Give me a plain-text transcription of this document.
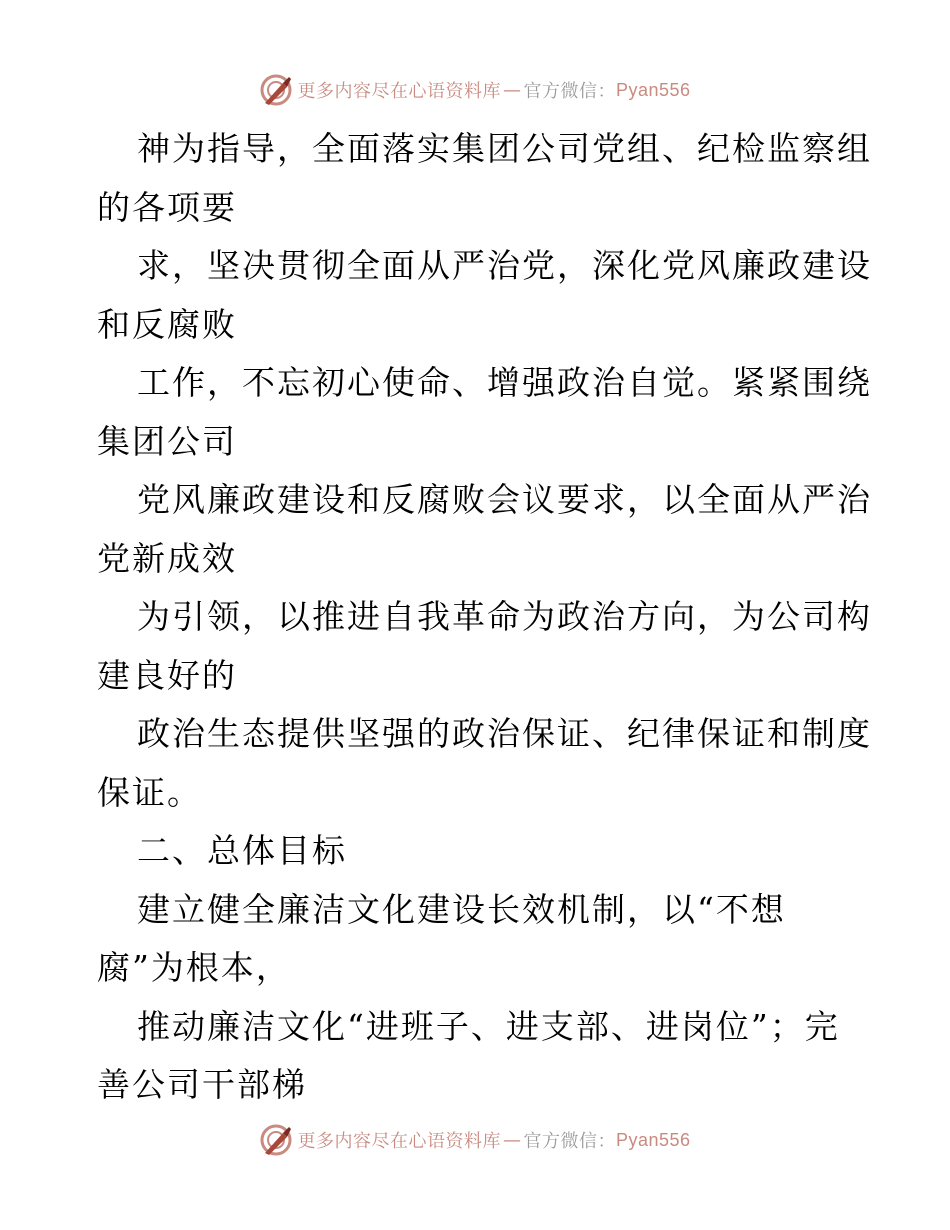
更多内容尽在心语资料库 — 官方微信： Pyan556
神为指导，全面落实集团公司党组、纪检监察组
的各项要
求，坚决贯彻全面从严治党，深化党风廉政建设
和反腐败
工作，不忘初心使命、增强政治自觉。紧紧围绕
集团公司
党风廉政建设和反腐败会议要求，以全面从严治
党新成效
为引领，以推进自我革命为政治方向，为公司构
建良好的
政治生态提供坚强的政治保证、纪律保证和制度
保证。
二、总体目标
建立健全廉洁文化建设长效机制，以“不想
腐”为根本，
推动廉洁文化“进班子、进支部、进岗位”；完
善公司干部梯
更多内容尽在心语资料库 — 官方微信： Pyan556
